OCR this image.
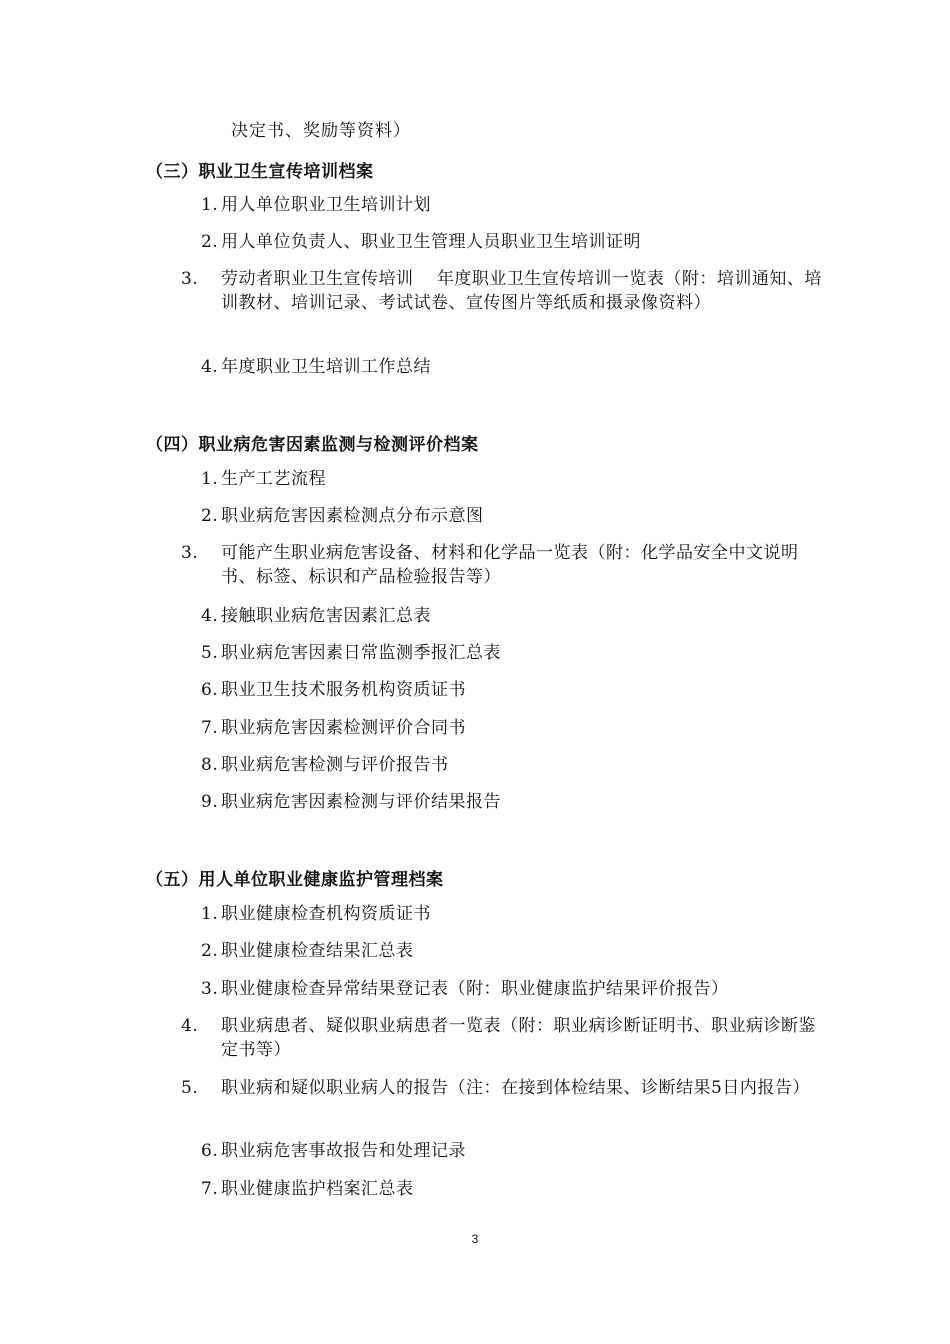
决定书、奖励等资料）
（三）职业卫生宣传培训档案
1. 用人单位职业卫生培训计划
2. 用人单位负责人、职业卫生管理人员职业卫生培训证明
3. 劳动者职业卫生宣传培训　 年度职业卫生宣传培训一览表（附：培训通知、培训教材、培训记录、考试试卷、宣传图片等纸质和摄录像资料）
4. 年度职业卫生培训工作总结
（四）职业病危害因素监测与检测评价档案
1. 生产工艺流程
2. 职业病危害因素检测点分布示意图
3. 可能产生职业病危害设备、材料和化学品一览表（附：化学品安全中文说明书、标签、标识和产品检验报告等）
4. 接触职业病危害因素汇总表
5. 职业病危害因素日常监测季报汇总表
6. 职业卫生技术服务机构资质证书
7. 职业病危害因素检测评价合同书
8. 职业病危害检测与评价报告书
9. 职业病危害因素检测与评价结果报告
（五）用人单位职业健康监护管理档案
1. 职业健康检查机构资质证书
2. 职业健康检查结果汇总表
3. 职业健康检查异常结果登记表（附：职业健康监护结果评价报告）
4. 职业病患者、疑似职业病患者一览表（附：职业病诊断证明书、职业病诊断鉴定书等）
5. 职业病和疑似职业病人的报告（注：在接到体检结果、诊断结果5日内报告）
6. 职业病危害事故报告和处理记录
7. 职业健康监护档案汇总表
3
